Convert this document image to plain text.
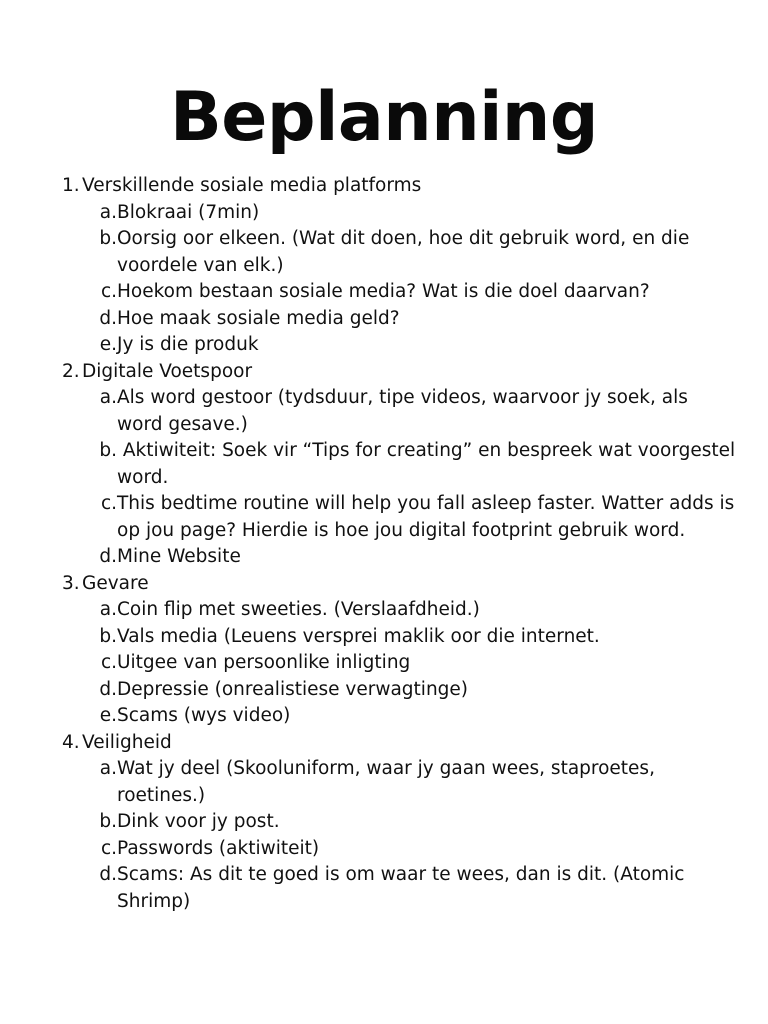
Beplanning
1. Verskillende sosiale media platforms
a. Blokraai (7min)
b. Oorsig oor elkeen. (Wat dit doen, hoe dit gebruik word, en die voordele van elk.)
c. Hoekom bestaan sosiale media? Wat is die doel daarvan?
d. Hoe maak sosiale media geld?
e. Jy is die produk
2. Digitale Voetspoor
a. Als word gestoor (tydsduur, tipe videos, waarvoor jy soek, als word gesave.)
b. Aktiwiteit: Soek vir “Tips for creating” en bespreek wat voorgestel word.
c. This bedtime routine will help you fall asleep faster. Watter adds is op jou page? Hierdie is hoe jou digital footprint gebruik word.
d. Mine Website
3. Gevare
a. Coin flip met sweeties. (Verslaafdheid.)
b. Vals media (Leuens versprei maklik oor die internet.
c. Uitgee van persoonlike inligting
d. Depressie (onrealistiese verwagtinge)
e. Scams (wys video)
4. Veiligheid
a. Wat jy deel (Skooluniform, waar jy gaan wees, staproetes, roetines.)
b. Dink voor jy post.
c. Passwords (aktiwiteit)
d. Scams: As dit te goed is om waar te wees, dan is dit. (Atomic Shrimp)
